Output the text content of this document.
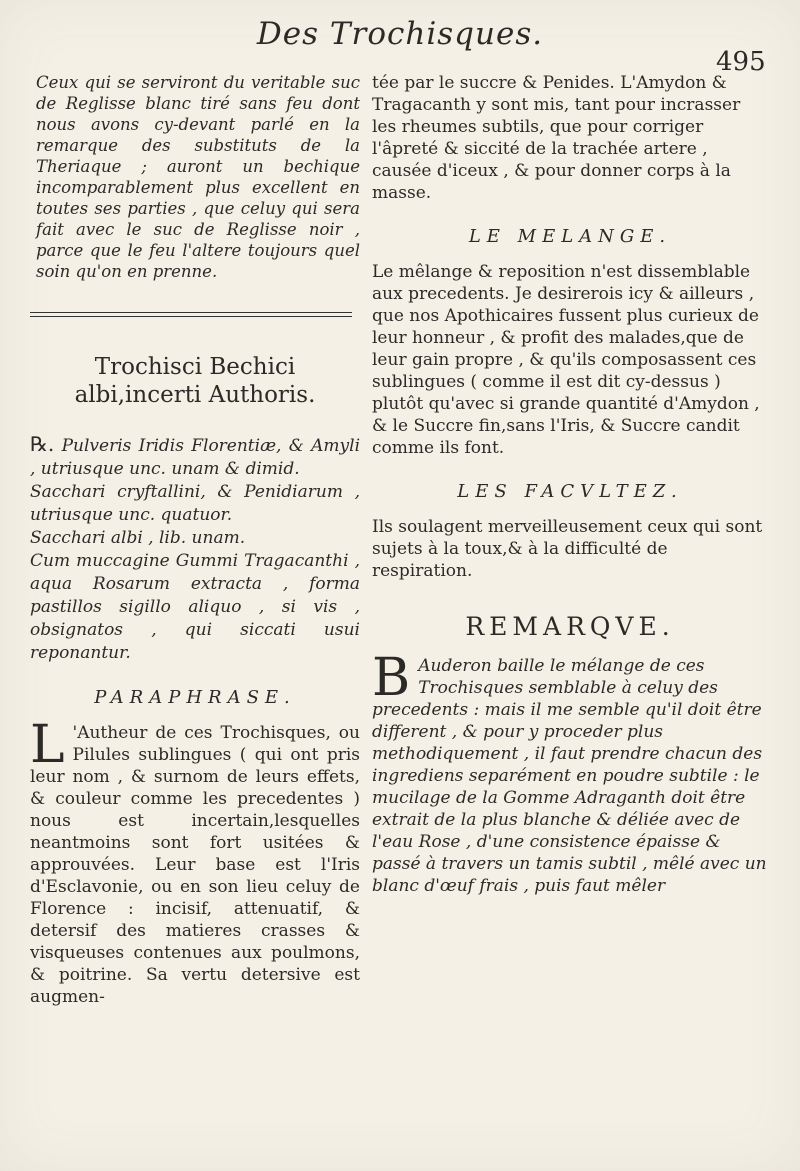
Des Trochisques.
495

Ceux qui se serviront du veritable suc de Reglisse blanc tiré sans feu dont nous avons cy-devant parlé en la remarque des substituts de la Theriaque ; auront un bechique incomparablement plus excellent en toutes ses parties , que celuy qui sera fait avec le suc de Reglisse noir , parce que le feu l'altere toujours quel soin qu'on en prenne.

Trochisci Bechici albi,incerti Authoris.

℞. Pulveris Iridis Florentiæ, & Amyli , utriusque unc. unam & dimid.

Sacchari cryftallini, & Penidiarum , utriusque unc. quatuor.

Sacchari albi , lib. unam.

Cum muccagine Gummi Tragacanthi , aqua Rosarum extracta , forma pastillos sigillo aliquo , si vis , obsignatos , qui siccati usui reponantur.

PARAPHRASE.

L 'Autheur de ces Trochisques, ou Pilules sublingues ( qui ont pris leur nom , & surnom de leurs effets, & couleur comme les precedentes ) nous est incertain,lesquelles neantmoins sont fort usitées & approuvées. Leur base est l'Iris d'Esclavonie, ou en son lieu celuy de Florence : incisif, attenuatif, & detersif des matieres crasses & visqueuses contenues aux poulmons, & poitrine. Sa vertu detersive est augmen-

tée par le succre & Penides. L'Amydon & Tragacanth y sont mis, tant pour incrasser les rheumes subtils, que pour corriger l'âpreté & siccité de la trachée artere , causée d'iceux , & pour donner corps à la masse.

LE MELANGE.

Le mêlange & reposition n'est dissemblable aux precedents. Je desirerois icy & ailleurs , que nos Apothicaires fussent plus curieux de leur honneur , & profit des malades,que de leur gain propre , & qu'ils composassent ces sublingues ( comme il est dit cy-dessus ) plutôt qu'avec si grande quantité d'Amydon , & le Succre fin,sans l'Iris, & Succre candit comme ils font.

LES FACVLTEZ.

Ils soulagent merveilleusement ceux qui sont sujets à la toux,& à la difficulté de respiration.

REMARQVE.

B Auderon baille le mélange de ces Trochisques semblable à celuy des precedents : mais il me semble qu'il doit être different , & pour y proceder plus methodiquement , il faut prendre chacun des ingrediens separément en poudre subtile : le mucilage de la Gomme Adraganth doit être extrait de la plus blanche & déliée avec de l'eau Rose , d'une consistence épaisse & passé à travers un tamis subtil , mêlé avec un blanc d'œuf frais , puis faut mêler
